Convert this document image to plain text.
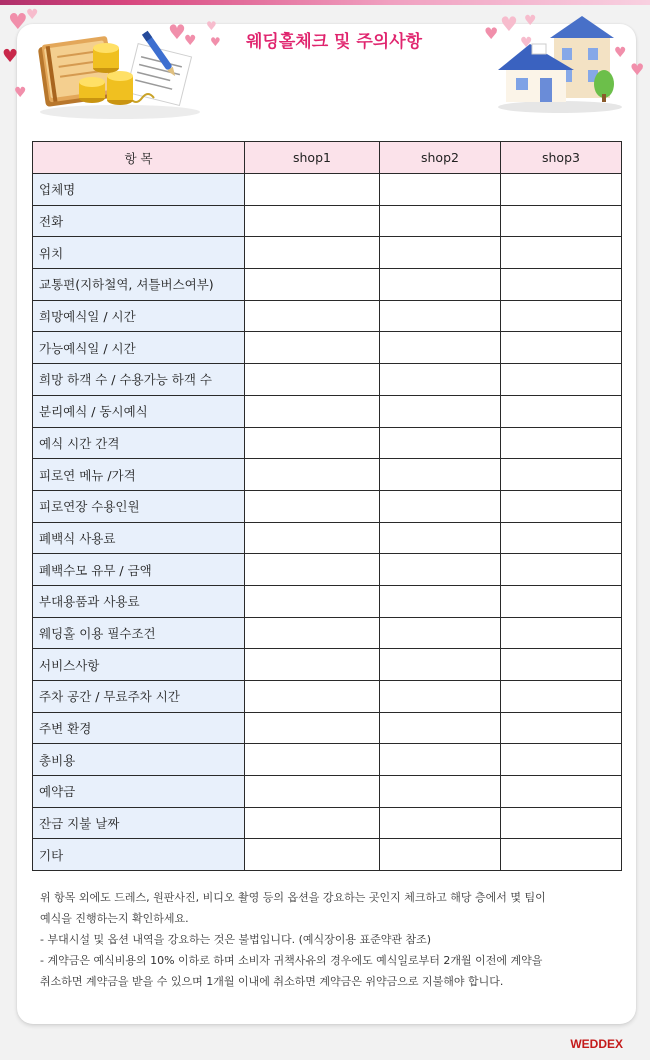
♥
♥
♥
♥
♥
♥
♥
♥	♥ ♥
♥
♥
♥
♥
웨딩홀체크 및 주의사항
항 목	shop1	shop2	shop3
업체명			
전화			
위치			
교통편(지하철역, 셔틀버스여부)			
희망예식일 / 시간			
가능예식일 / 시간			
희망 하객 수 / 수용가능 하객 수			
분리예식 / 동시예식			
예식 시간 간격			
피로연 메뉴 /가격			
피로연장 수용인원			
폐백식 사용료			
폐백수모 유무 / 금액			
부대용품과 사용료			
웨딩홀 이용 필수조건			
서비스사항			
주차 공간 / 무료주차 시간			
주변 환경			
총비용			
예약금			
잔금 지불 날짜			
기타			
위 항목 외에도 드레스, 원판사진, 비디오 촬영 등의 옵션을 강요하는 곳인지 체크하고 해당 층에서 몇 팀이
예식을 진행하는지 확인하세요.
- 부대시설 및 옵션 내역을 강요하는 것은 불법입니다. (예식장이용 표준약관 참조)
- 계약금은 예식비용의 10% 이하로 하며 소비자 귀책사유의 경우에도 예식일로부터 2개월 이전에 계약을
취소하면 계약금을 받을 수 있으며 1개월 이내에 취소하면 계약금은 위약금으로 지불해야 합니다.
WEDDEX
